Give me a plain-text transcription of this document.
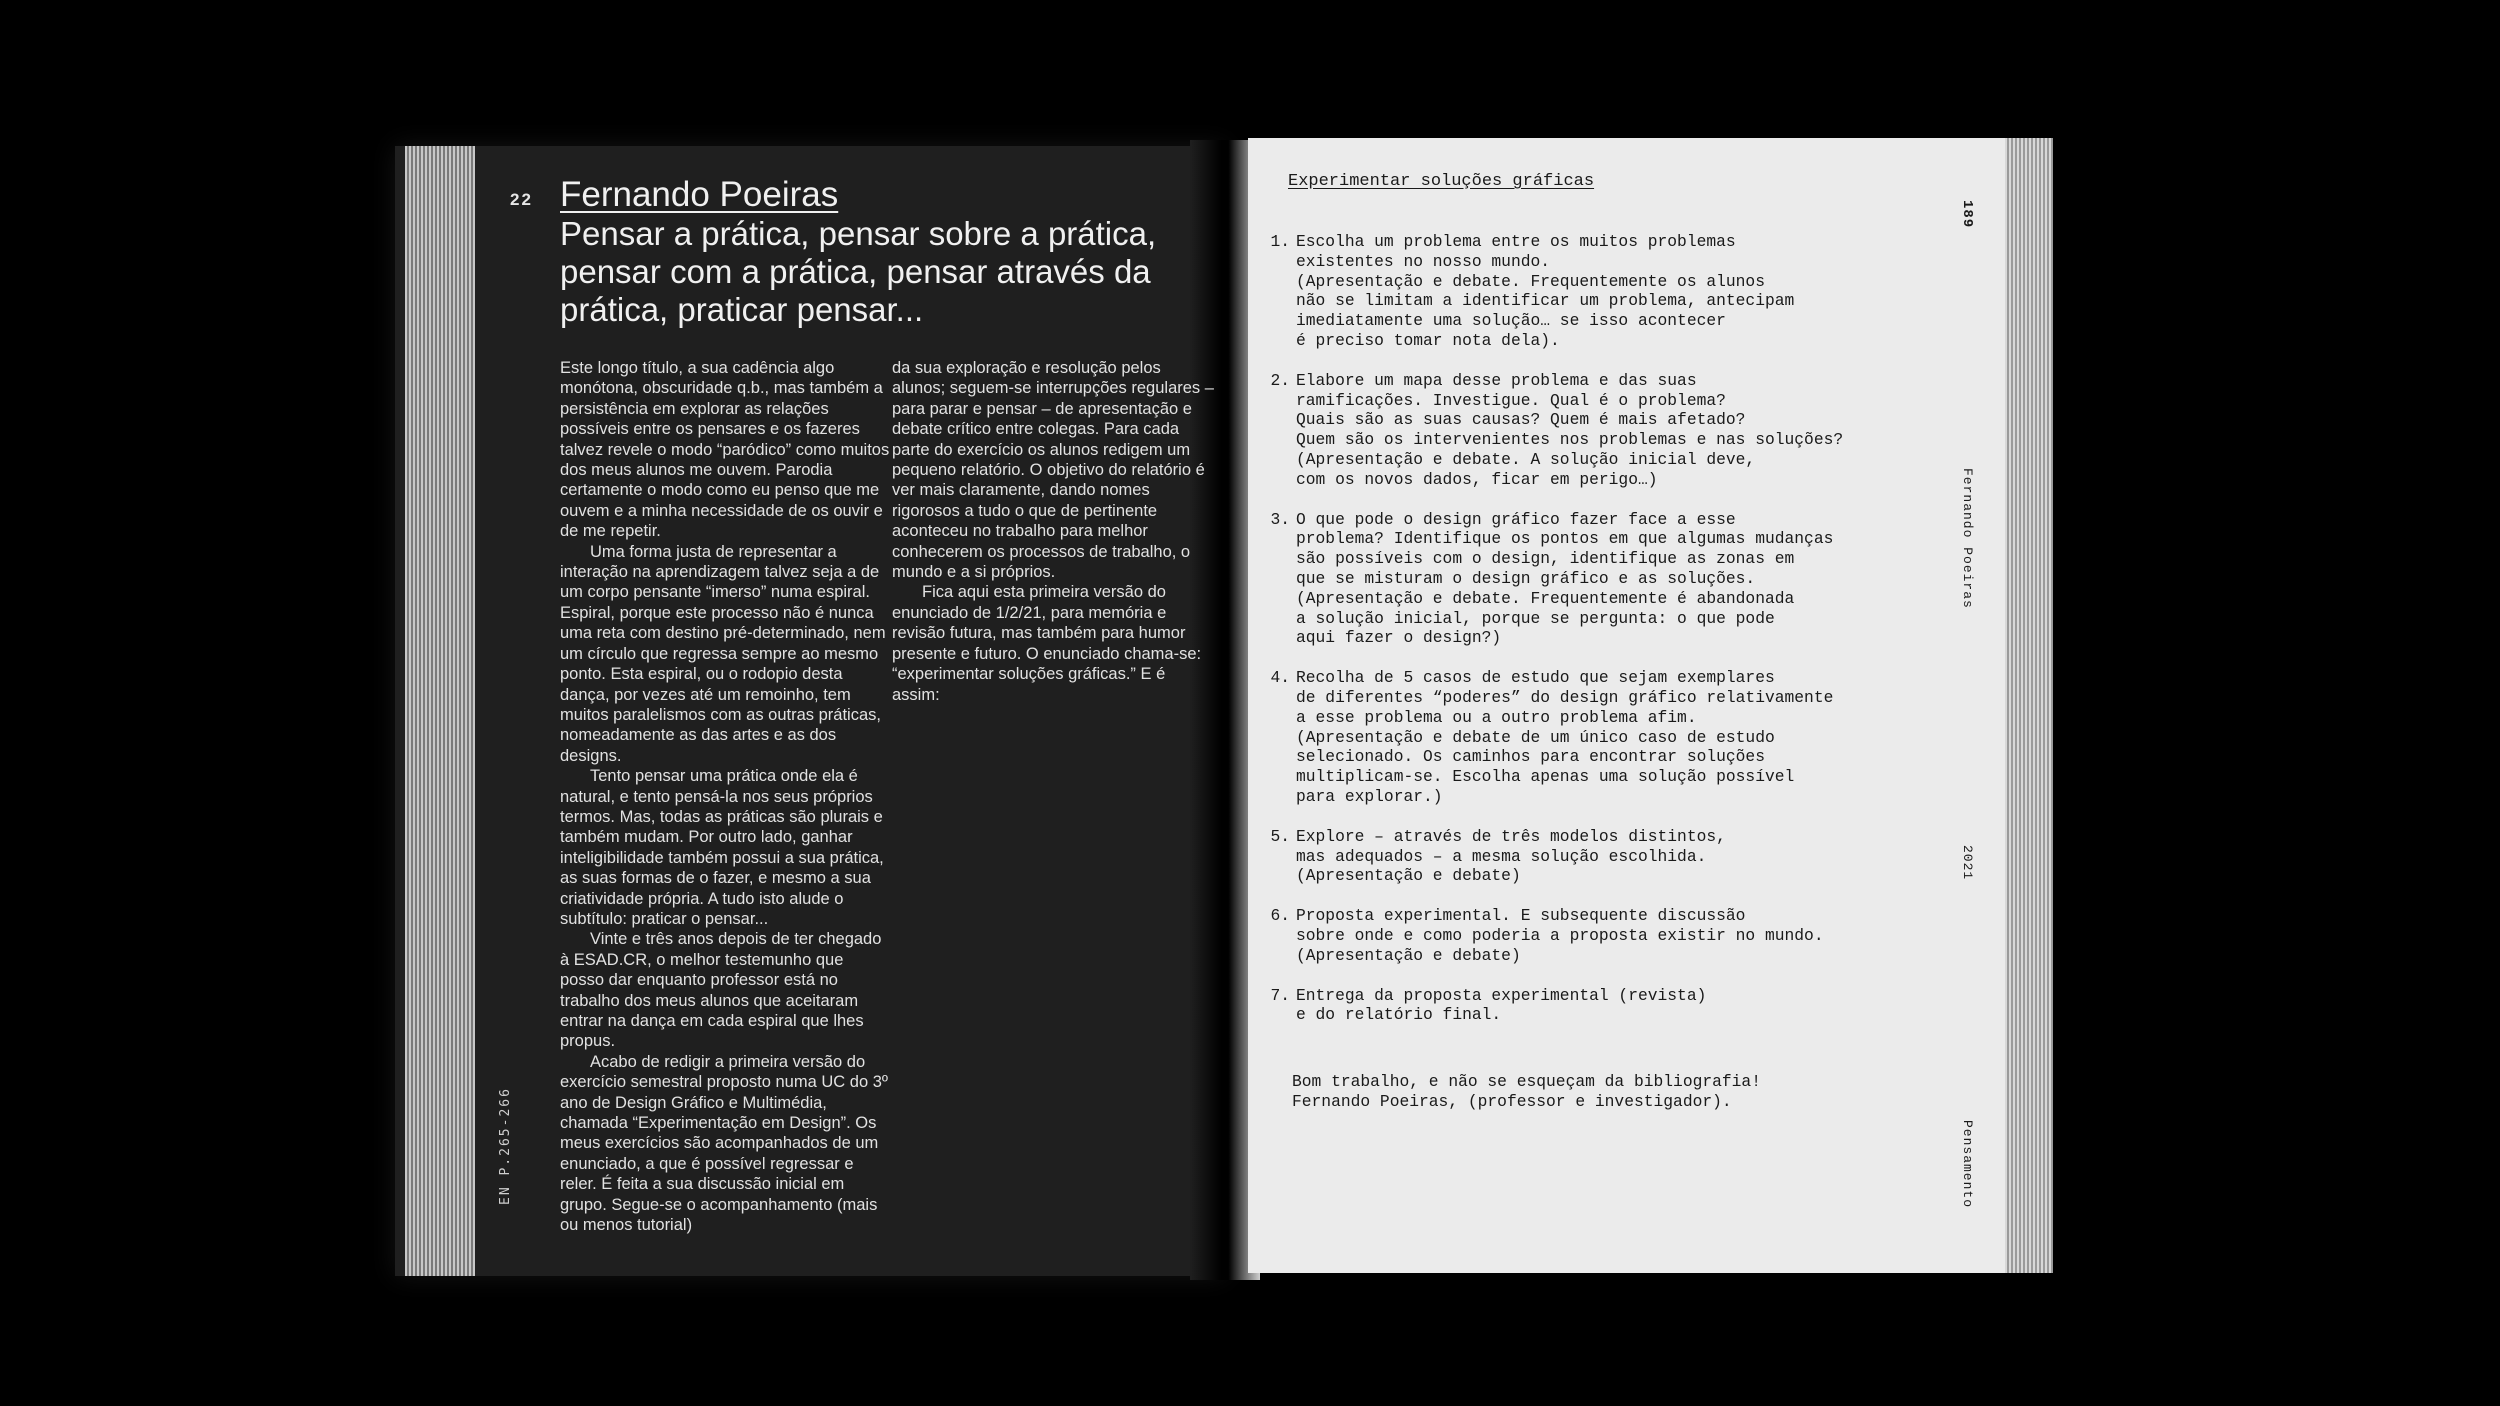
22 Fernando Poeiras
Pensar a prática, pensar sobre a prática, pensar com a prática, pensar através da prática, praticar pensar...

Este longo título, a sua cadência algo monótona, obscuridade q.b., mas também a persistência em explorar as relações possíveis entre os pensares e os fazeres talvez revele o modo “paródico” como muitos dos meus alunos me ouvem. Parodia certamente o modo como eu penso que me ouvem e a minha necessidade de os ouvir e de me repetir.

Uma forma justa de representar a interação na aprendizagem talvez seja a de um corpo pensante “imerso” numa espiral. Espiral, porque este processo não é nunca uma reta com destino pré-determinado, nem um círculo que regressa sempre ao mesmo ponto. Esta espiral, ou o rodopio desta dança, por vezes até um remoinho, tem muitos paralelismos com as outras práticas, nomeadamente as das artes e as dos designs.

Tento pensar uma prática onde ela é natural, e tento pensá-la nos seus próprios termos. Mas, todas as práticas são plurais e também mudam. Por outro lado, ganhar inteligibilidade também possui a sua prática, as suas formas de o fazer, e mesmo a sua criatividade própria. A tudo isto alude o subtítulo: praticar o pensar...

Vinte e três anos depois de ter chegado à ESAD.CR, o melhor testemunho que posso dar enquanto professor está no trabalho dos meus alunos que aceitaram entrar na dança em cada espiral que lhes propus.

Acabo de redigir a primeira versão do exercício semestral proposto numa UC do 3º ano de Design Gráfico e Multimédia, chamada “Experimentação em Design”. Os meus exercícios são acompanhados de um enunciado, a que é possível regressar e reler. É feita a sua discussão inicial em grupo. Segue-se o acompanhamento (mais ou menos tutorial)

da sua exploração e resolução pelos alunos; seguem-se interrupções regulares – para parar e pensar – de apresentação e debate crítico entre colegas. Para cada parte do exercício os alunos redigem um pequeno relatório. O objetivo do relatório é ver mais claramente, dando nomes rigorosos a tudo o que de pertinente aconteceu no trabalho para melhor conhecerem os processos de trabalho, o mundo e a si próprios.

Fica aqui esta primeira versão do enunciado de 1/2/21, para memória e revisão futura, mas também para humor presente e futuro. O enunciado chama-se: “experimentar soluções gráficas.” E é assim:

EN P.265-266
Experimentar soluções gráficas
1. Escolha um problema entre os muitos problemas
existentes no nosso mundo.
(Apresentação e debate. Frequentemente os alunos
não se limitam a identificar um problema, antecipam
imediatamente uma solução… se isso acontecer
é preciso tomar nota dela).
2. Elabore um mapa desse problema e das suas
ramificações. Investigue. Qual é o problema?
Quais são as suas causas? Quem é mais afetado?
Quem são os intervenientes nos problemas e nas soluções?
(Apresentação e debate. A solução inicial deve,
com os novos dados, ficar em perigo…)
3. O que pode o design gráfico fazer face a esse
problema? Identifique os pontos em que algumas mudanças
são possíveis com o design, identifique as zonas em
que se misturam o design gráfico e as soluções.
(Apresentação e debate. Frequentemente é abandonada
a solução inicial, porque se pergunta: o que pode
aqui fazer o design?)
4. Recolha de 5 casos de estudo que sejam exemplares
de diferentes “poderes” do design gráfico relativamente
a esse problema ou a outro problema afim.
(Apresentação e debate de um único caso de estudo
selecionado. Os caminhos para encontrar soluções
multiplicam-se. Escolha apenas uma solução possível
para explorar.)
5. Explore – através de três modelos distintos,
mas adequados – a mesma solução escolhida.
(Apresentação e debate)
6. Proposta experimental. E subsequente discussão
sobre onde e como poderia a proposta existir no mundo.
(Apresentação e debate)
7. Entrega da proposta experimental (revista)
e do relatório final.
Bom trabalho, e não se esqueçam da bibliografia!
Fernando Poeiras, (professor e investigador).
189
Fernando Poeiras
2021
Pensamento
